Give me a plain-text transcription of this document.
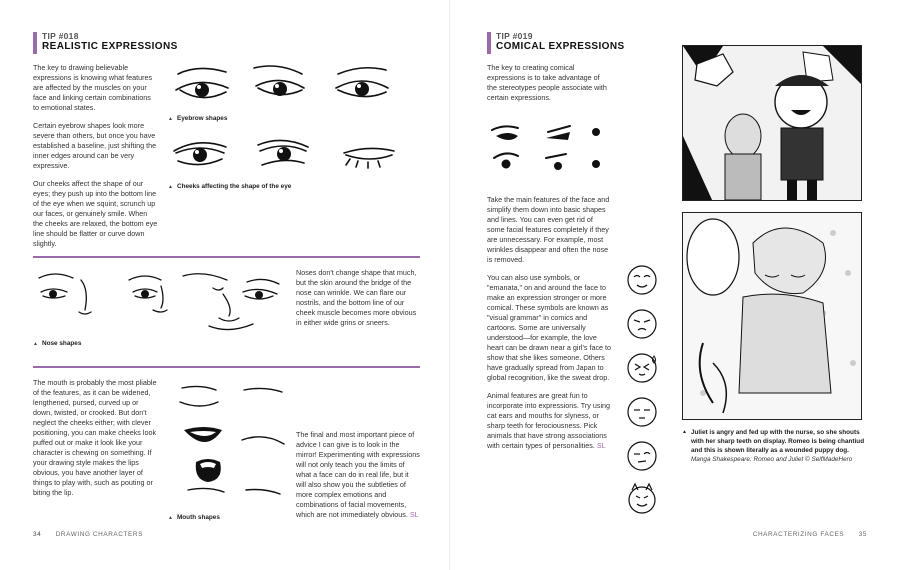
TIP #018
REALISTIC EXPRESSIONS

The key to drawing believable expressions is knowing what features are affected by the muscles on your face and linking certain combinations to emotional states.

Certain eyebrow shapes look more severe than others, but once you have established a baseline, just shifting the inner edges around can be very expressive.

Our cheeks affect the shape of our eyes; they push up into the bottom line of the eye when we squint, scrunch up our faces, or genuinely smile. When the cheeks are relaxed, the bottom eye line should be flatter or curve down slightly.

▲ Eyebrow shapes
▲ Cheeks affecting the shape of the eye
▲ Nose shapes

Noses don't change shape that much, but the skin around the bridge of the nose can wrinkle. We can flare our nostrils, and the bottom line of our cheek muscle becomes more obvious in either wide grins or sneers.

The mouth is probably the most pliable of the features, as it can be widened, lengthened, pursed, curved up or down, twisted, or crooked. But don't neglect the cheeks either; with clever positioning, you can make cheeks look puffed out or make it look like your character is chewing on something. If your drawing style makes the lips obvious, you have another layer of things to play with, such as pouting or biting the lip.

▲ Mouth shapes

The final and most important piece of advice I can give is to look in the mirror! Experimenting with expressions will not only teach you the limits of what a face can do in real life, but it will also show you the subtleties of more complex emotions and combinations of facial movements, which are not immediately obvious. SL

34 DRAWING CHARACTERS
TIP #019
COMICAL EXPRESSIONS

The key to creating comical expressions is to take advantage of the stereotypes people associate with certain expressions.

Take the main features of the face and simplify them down into basic shapes and lines. You can even get rid of some facial features completely if they are unnecessary. For example, most wrinkles disappear and often the nose is removed.

You can also use symbols, or "emanata," on and around the face to make an expression stronger or more comical. These symbols are known as "visual grammar" in comics and cartoons. Some are universally understood—for example, the love heart can be drawn near a girl's face to show that she likes someone. Others have gradually spread from Japan to global recognition, like the sweat drop.

Animal features are great fun to incorporate into expressions. Try using cat ears and mouths for slyness, or sharp teeth for ferociousness. Pick animals that have strong associations with certain types of personalities. SL

▲ Juliet is angry and fed up with the nurse, so she shouts with her sharp teeth on display. Romeo is being chantiud and this is shown literally as a wounded puppy dog.
Manga Shakespeare: Romeo and Juliet © SelfMadeHero
CHARACTERIZING FACES 35
